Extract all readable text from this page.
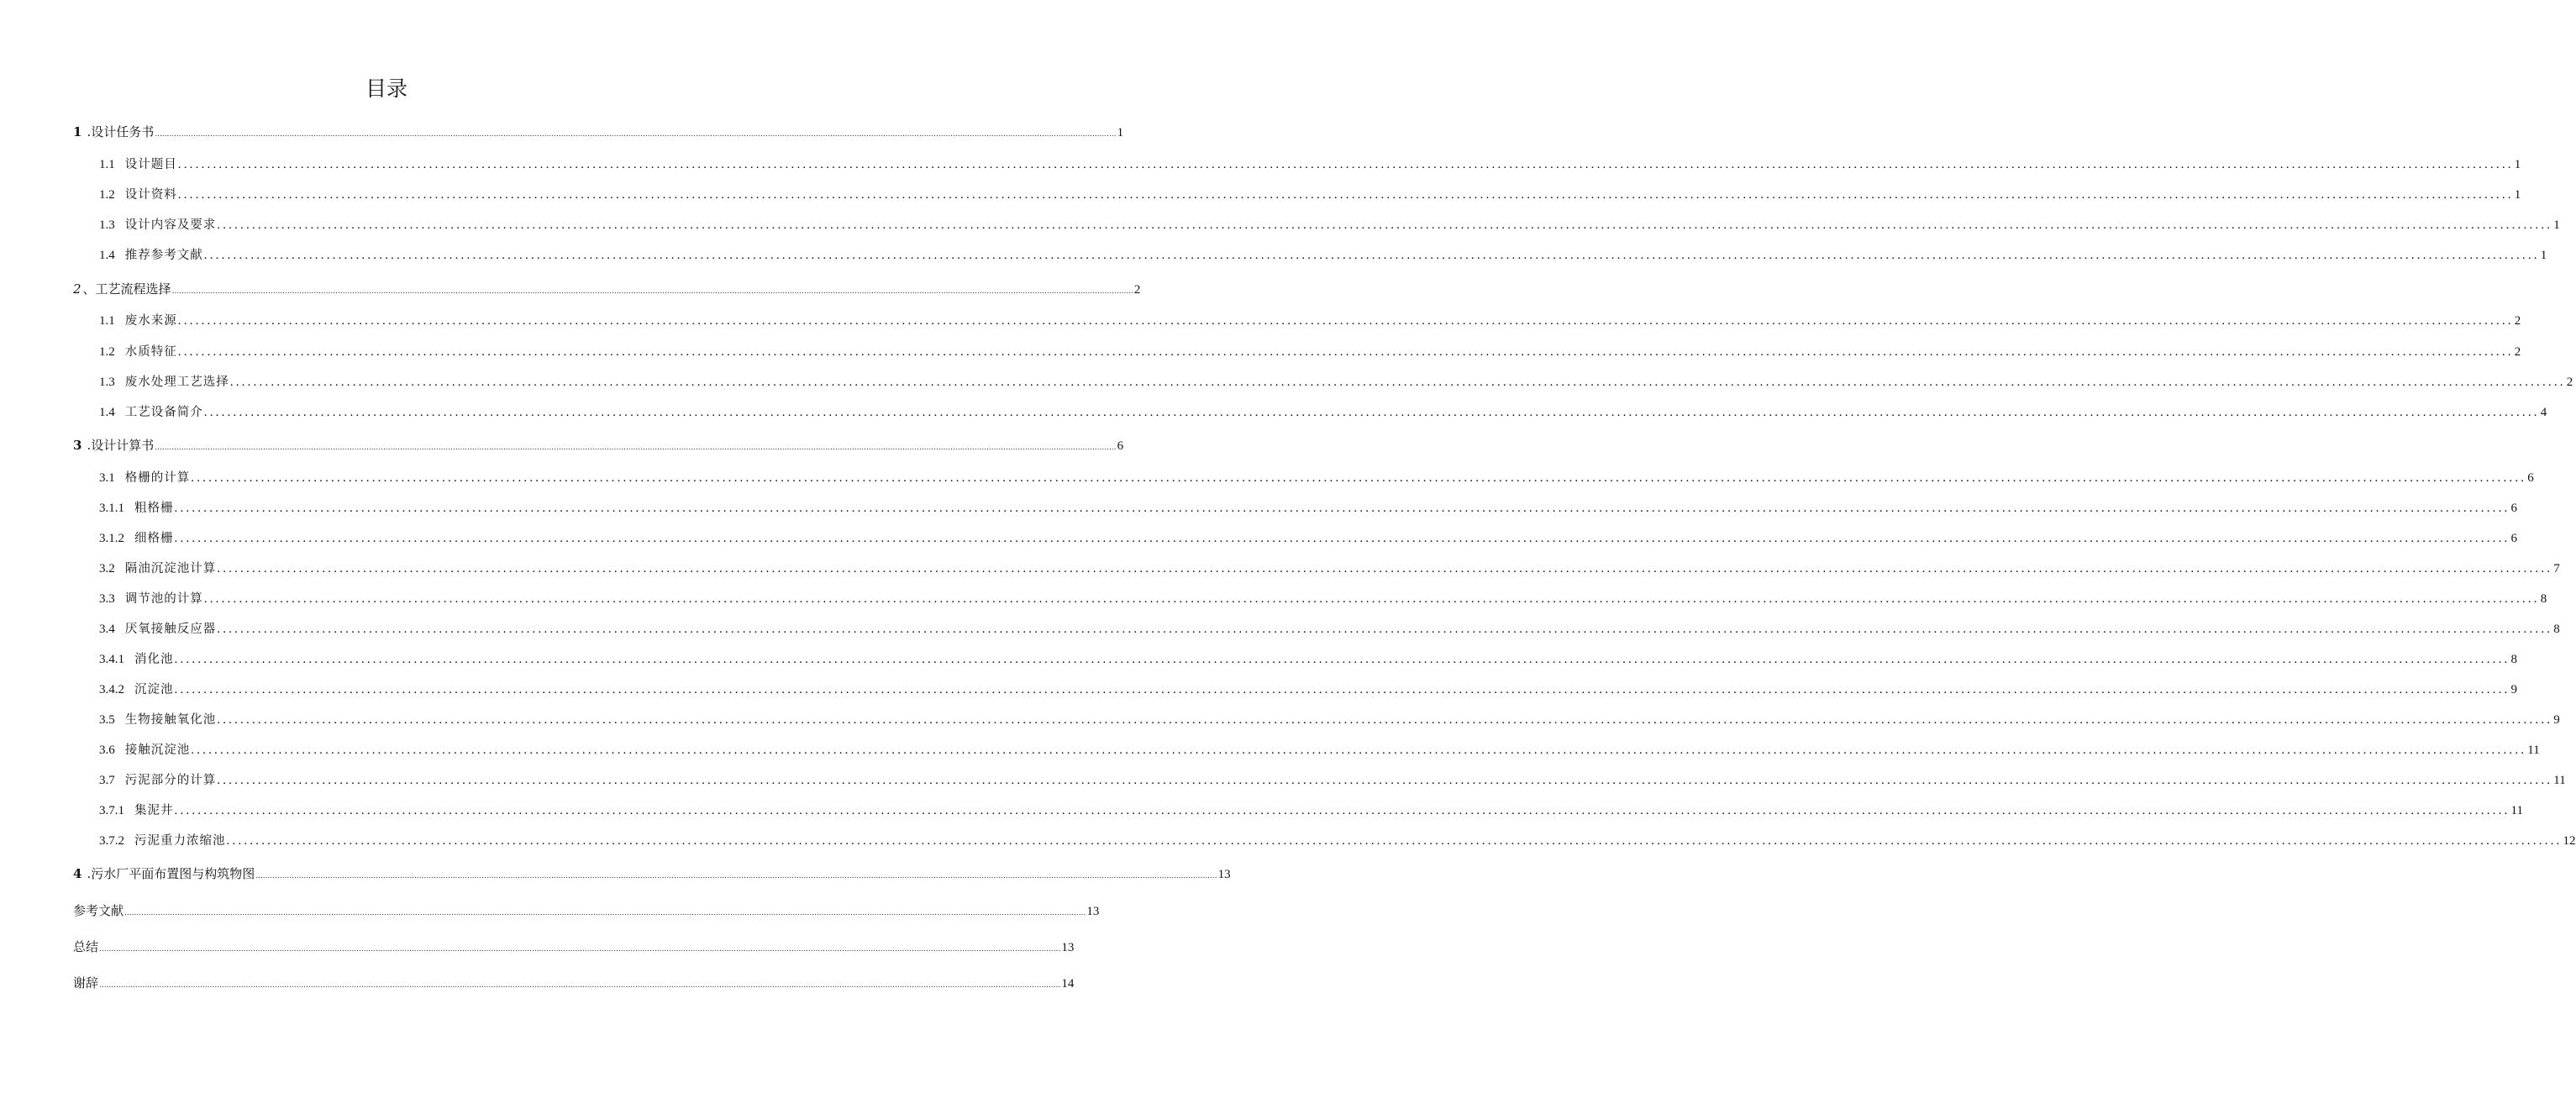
目录
1 .设计任务书 ................................................................................................................................................................................................................................................................................................................................................................................................................ 1
1.1 设计题目 ................................................................................................................................................................................................................................................................................................................................................................................................................ 1
1.2 设计资料 ................................................................................................................................................................................................................................................................................................................................................................................................................ 1
1.3 设计内容及要求 ................................................................................................................................................................................................................................................................................................................................................................................................................ 1
1.4 推荐参考文献 ................................................................................................................................................................................................................................................................................................................................................................................................................ 1
2 、工艺流程选择 ................................................................................................................................................................................................................................................................................................................................................................................................................ 2
1.1 废水来源 ................................................................................................................................................................................................................................................................................................................................................................................................................ 2
1.2 水质特征 ................................................................................................................................................................................................................................................................................................................................................................................................................ 2
1.3 废水处理工艺选择 ................................................................................................................................................................................................................................................................................................................................................................................................................ 2
1.4 工艺设备简介 ................................................................................................................................................................................................................................................................................................................................................................................................................ 4
3 .设计计算书 ................................................................................................................................................................................................................................................................................................................................................................................................................ 6
3.1 格栅的计算 ................................................................................................................................................................................................................................................................................................................................................................................................................ 6
3.1.1 粗格栅 ................................................................................................................................................................................................................................................................................................................................................................................................................ 6
3.1.2 细格栅 ................................................................................................................................................................................................................................................................................................................................................................................................................ 6
3.2 隔油沉淀池计算 ................................................................................................................................................................................................................................................................................................................................................................................................................ 7
3.3 调节池的计算 ................................................................................................................................................................................................................................................................................................................................................................................................................ 8
3.4 厌氧接触反应器 ................................................................................................................................................................................................................................................................................................................................................................................................................ 8
3.4.1 消化池 ................................................................................................................................................................................................................................................................................................................................................................................................................ 8
3.4.2 沉淀池 ................................................................................................................................................................................................................................................................................................................................................................................................................ 9
3.5 生物接触氧化池 ................................................................................................................................................................................................................................................................................................................................................................................................................ 9
3.6 接触沉淀池 ................................................................................................................................................................................................................................................................................................................................................................................................................ 11
3.7 污泥部分的计算 ................................................................................................................................................................................................................................................................................................................................................................................................................ 11
3.7.1 集泥井 ................................................................................................................................................................................................................................................................................................................................................................................................................ 11
3.7.2 污泥重力浓缩池 ................................................................................................................................................................................................................................................................................................................................................................................................................ 12
4 .污水厂平面布置图与构筑物图 ................................................................................................................................................................................................................................................................................................................................................................................................................ 13
参考文献 ................................................................................................................................................................................................................................................................................................................................................................................................................ 13
总结 ................................................................................................................................................................................................................................................................................................................................................................................................................ 13
谢辞 ................................................................................................................................................................................................................................................................................................................................................................................................................ 14
